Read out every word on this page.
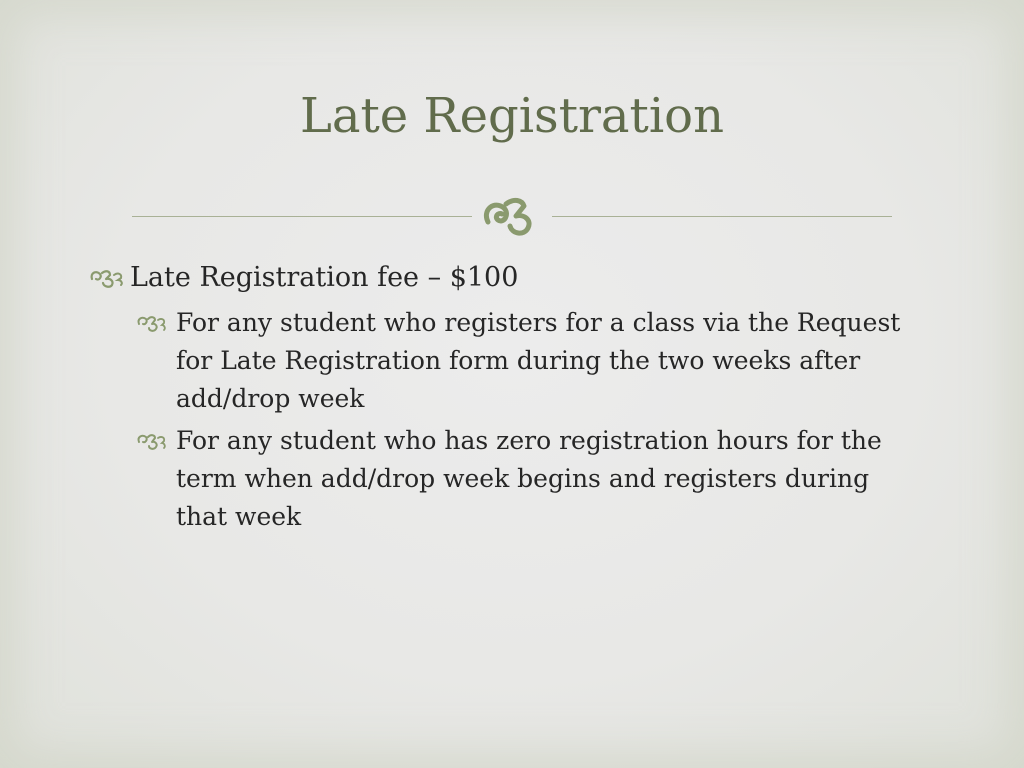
Late Registration
Late Registration fee – $100
For any student who registers for a class via the Request for Late Registration form during the two weeks after add/drop week
For any student who has zero registration hours for the term when add/drop week begins and registers during that week
